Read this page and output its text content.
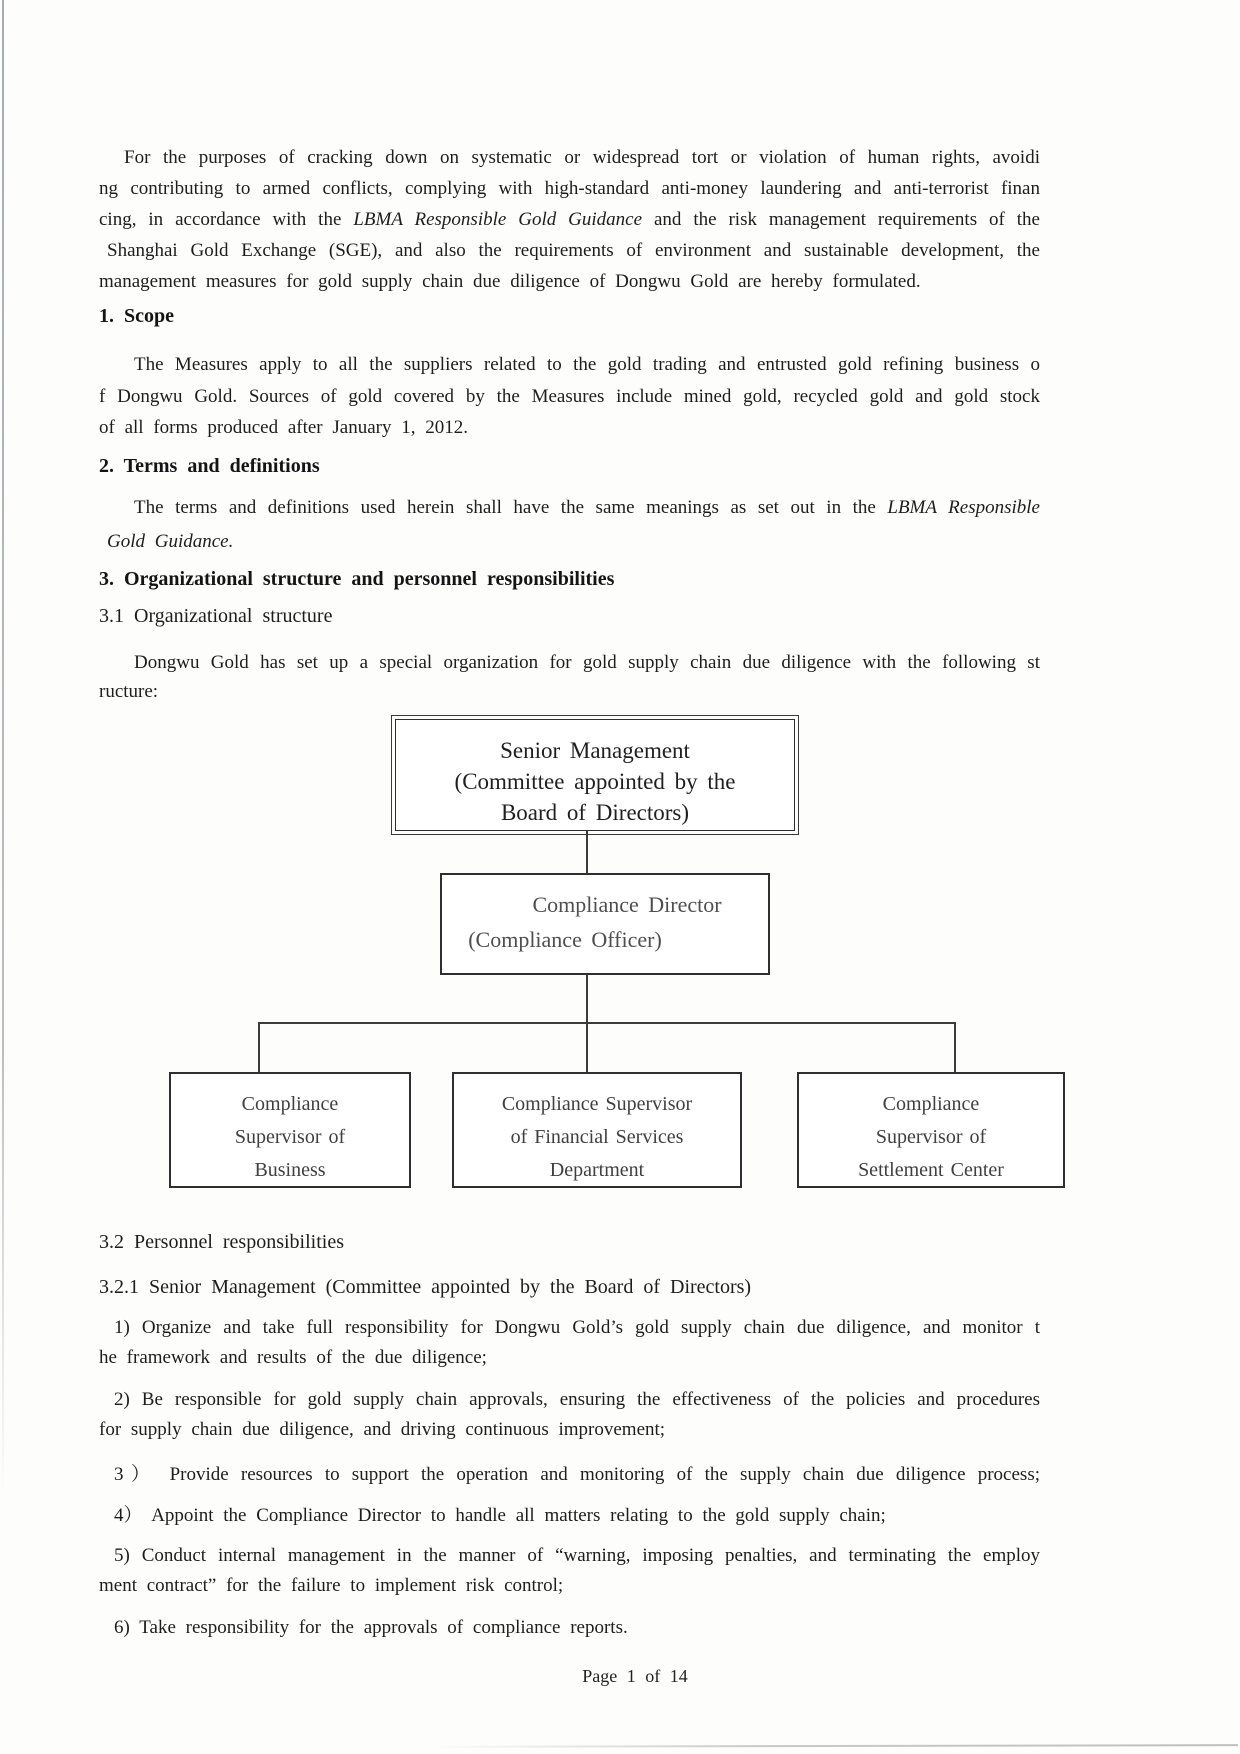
For the purposes of cracking down on systematic or widespread tort or violation of human rights, avoidi
ng contributing to armed conflicts, complying with high-standard anti-money laundering and anti-terrorist finan
cing, in accordance with the LBMA Responsible Gold Guidance and the risk management requirements of the
Shanghai Gold Exchange (SGE), and also the requirements of environment and sustainable development, the
management measures for gold supply chain due diligence of Dongwu Gold are hereby formulated.
1. Scope
The Measures apply to all the suppliers related to the gold trading and entrusted gold refining business o
f Dongwu Gold. Sources of gold covered by the Measures include mined gold, recycled gold and gold stock
of all forms produced after January 1, 2012.
2. Terms and definitions
The terms and definitions used herein shall have the same meanings as set out in the LBMA Responsible
Gold Guidance.
3. Organizational structure and personnel responsibilities
3.1 Organizational structure
Dongwu Gold has set up a special organization for gold supply chain due diligence with the following st
ructure:
Senior Management
(Committee appointed by the
Board of Directors)
Compliance Director
(Compliance Officer)
Compliance
Supervisor of
Business
Compliance Supervisor
of Financial Services
Department
Compliance
Supervisor of
Settlement Center
3.2 Personnel responsibilities
3.2.1 Senior Management (Committee appointed by the Board of Directors)
1) Organize and take full responsibility for Dongwu Gold’s gold supply chain due diligence, and monitor t
he framework and results of the due diligence;
2) Be responsible for gold supply chain approvals, ensuring the effectiveness of the policies and procedures
for supply chain due diligence, and driving continuous improvement;
3） Provide resources to support the operation and monitoring of the supply chain due diligence process;
4） Appoint the Compliance Director to handle all matters relating to the gold supply chain;
5) Conduct internal management in the manner of “warning, imposing penalties, and terminating the employ
ment contract” for the failure to implement risk control;
6) Take responsibility for the approvals of compliance reports.
Page 1 of 14
